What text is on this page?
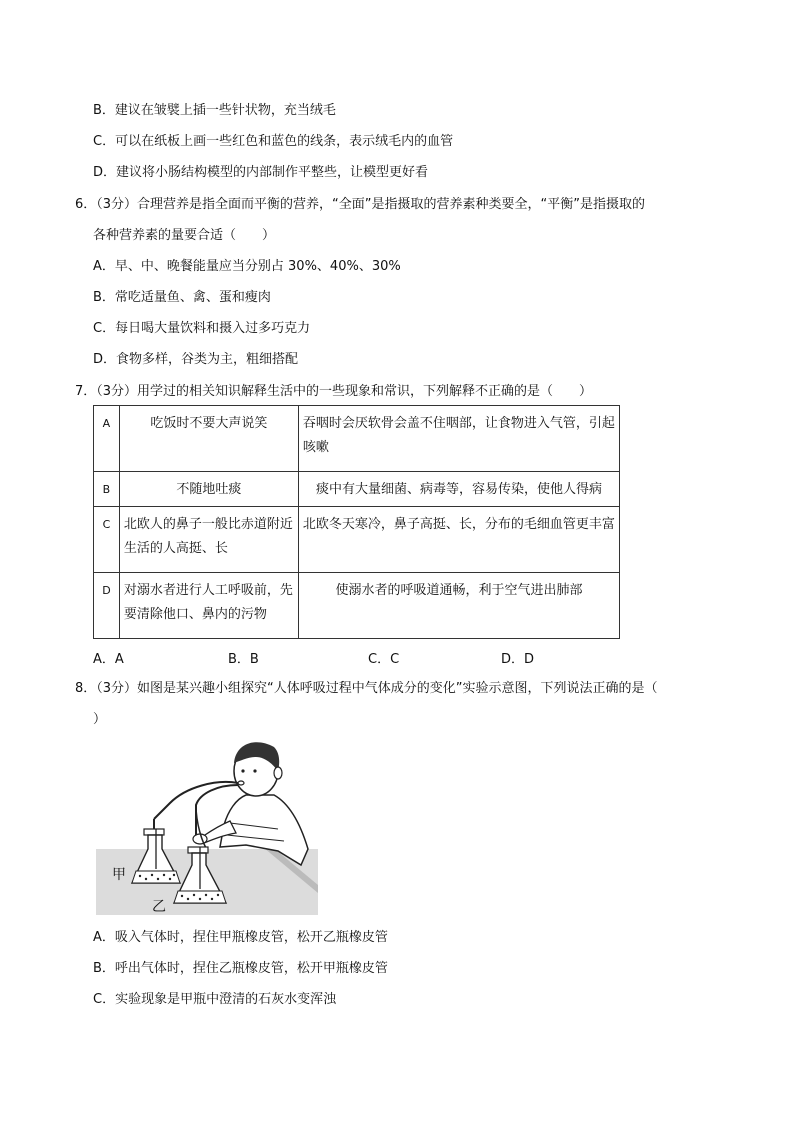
B．建议在皱襞上插一些针状物，充当绒毛
C．可以在纸板上画一些红色和蓝色的线条，表示绒毛内的血管
D．建议将小肠结构模型的内部制作平整些，让模型更好看
6．（3分）合理营养是指全面而平衡的营养，“全面”是指摄取的营养素种类要全，“平衡”是指摄取的
各种营养素的量要合适（　　）
A．早、中、晚餐能量应当分别占 30%、40%、30%
B．常吃适量鱼、禽、蛋和瘦肉
C．每日喝大量饮料和摄入过多巧克力
D．食物多样，谷类为主，粗细搭配
7．（3分）用学过的相关知识解释生活中的一些现象和常识，下列解释不正确的是（　　）
A	吃饭时不要大声说笑	吞咽时会厌软骨会盖不住咽部，让食物进入气管，引起咳嗽
B	不随地吐痰	痰中有大量细菌、病毒等，容易传染，使他人得病
C	北欧人的鼻子一般比赤道附近生活的人高挺、长	北欧冬天寒冷，鼻子高挺、长，分布的毛细血管更丰富
D	对溺水者进行人工呼吸前，先要清除他口、鼻内的污物	使溺水者的呼吸道通畅，利于空气进出肺部
A．A	B．B	C．C	D．D
8．（3分）如图是某兴趣小组探究“人体呼吸过程中气体成分的变化”实验示意图，下列说法正确的是（
）
甲
乙
A．吸入气体时，捏住甲瓶橡皮管，松开乙瓶橡皮管
B．呼出气体时，捏住乙瓶橡皮管，松开甲瓶橡皮管
C．实验现象是甲瓶中澄清的石灰水变浑浊
